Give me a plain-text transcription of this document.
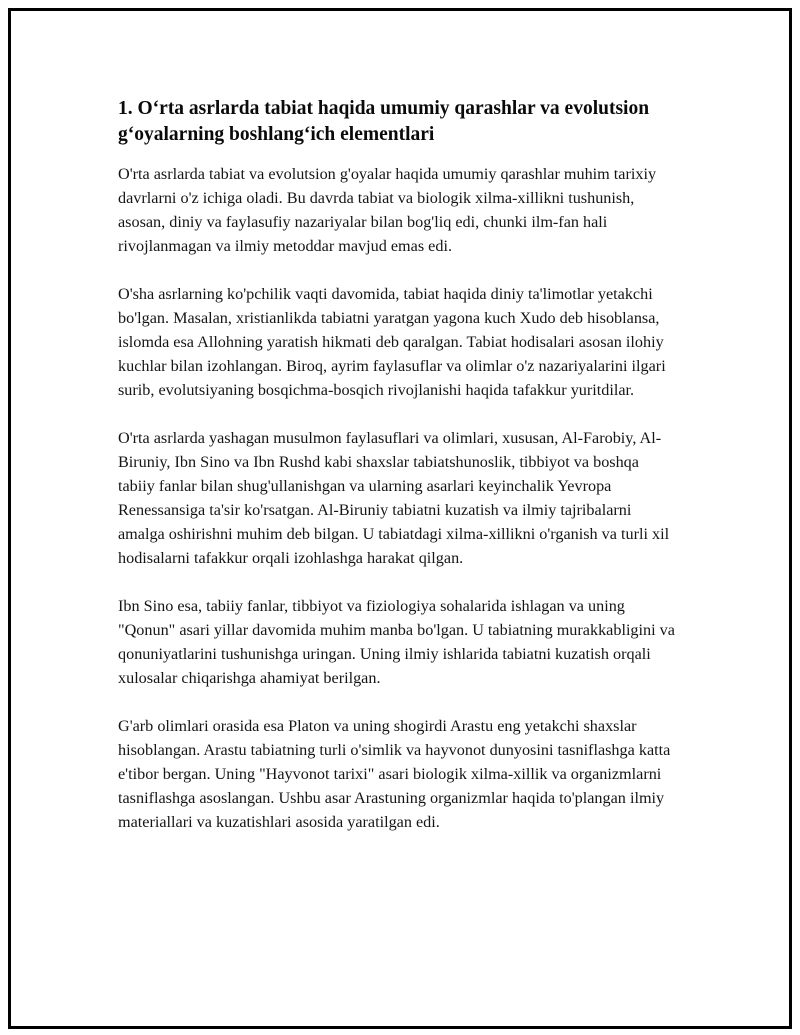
1. O‘rta asrlarda tabiat haqida umumiy qarashlar va evolutsion g‘oyalarning boshlang‘ich elementlari

O'rta asrlarda tabiat va evolutsion g'oyalar haqida umumiy qarashlar muhim tarixiy davrlarni o'z ichiga oladi. Bu davrda tabiat va biologik xilma-xillikni tushunish, asosan, diniy va faylasufiy nazariyalar bilan bog'liq edi, chunki ilm-fan hali rivojlanmagan va ilmiy metoddar mavjud emas edi.

O'sha asrlarning ko'pchilik vaqti davomida, tabiat haqida diniy ta'limotlar yetakchi bo'lgan. Masalan, xristianlikda tabiatni yaratgan yagona kuch Xudo deb hisoblansa, islomda esa Allohning yaratish hikmati deb qaralgan. Tabiat hodisalari asosan ilohiy kuchlar bilan izohlangan. Biroq, ayrim faylasuflar va olimlar o'z nazariyalarini ilgari surib, evolutsiyaning bosqichma-bosqich rivojlanishi haqida tafakkur yuritdilar.

O'rta asrlarda yashagan musulmon faylasuflari va olimlari, xususan, Al-Farobiy, Al-Biruniy, Ibn Sino va Ibn Rushd kabi shaxslar tabiatshunoslik, tibbiyot va boshqa tabiiy fanlar bilan shug'ullanishgan va ularning asarlari keyinchalik Yevropa Renessansiga ta'sir ko'rsatgan. Al-Biruniy tabiatni kuzatish va ilmiy tajribalarni amalga oshirishni muhim deb bilgan. U tabiatdagi xilma-xillikni o'rganish va turli xil hodisalarni tafakkur orqali izohlashga harakat qilgan.

Ibn Sino esa, tabiiy fanlar, tibbiyot va fiziologiya sohalarida ishlagan va uning "Qonun" asari yillar davomida muhim manba bo'lgan. U tabiatning murakkabligini va qonuniyatlarini tushunishga uringan. Uning ilmiy ishlarida tabiatni kuzatish orqali xulosalar chiqarishga ahamiyat berilgan.

G'arb olimlari orasida esa Platon va uning shogirdi Arastu eng yetakchi shaxslar hisoblangan. Arastu tabiatning turli o'simlik va hayvonot dunyosini tasniflashga katta e'tibor bergan. Uning "Hayvonot tarixi" asari biologik xilma-xillik va organizmlarni tasniflashga asoslangan. Ushbu asar Arastuning organizmlar haqida to'plangan ilmiy materiallari va kuzatishlari asosida yaratilgan edi.
